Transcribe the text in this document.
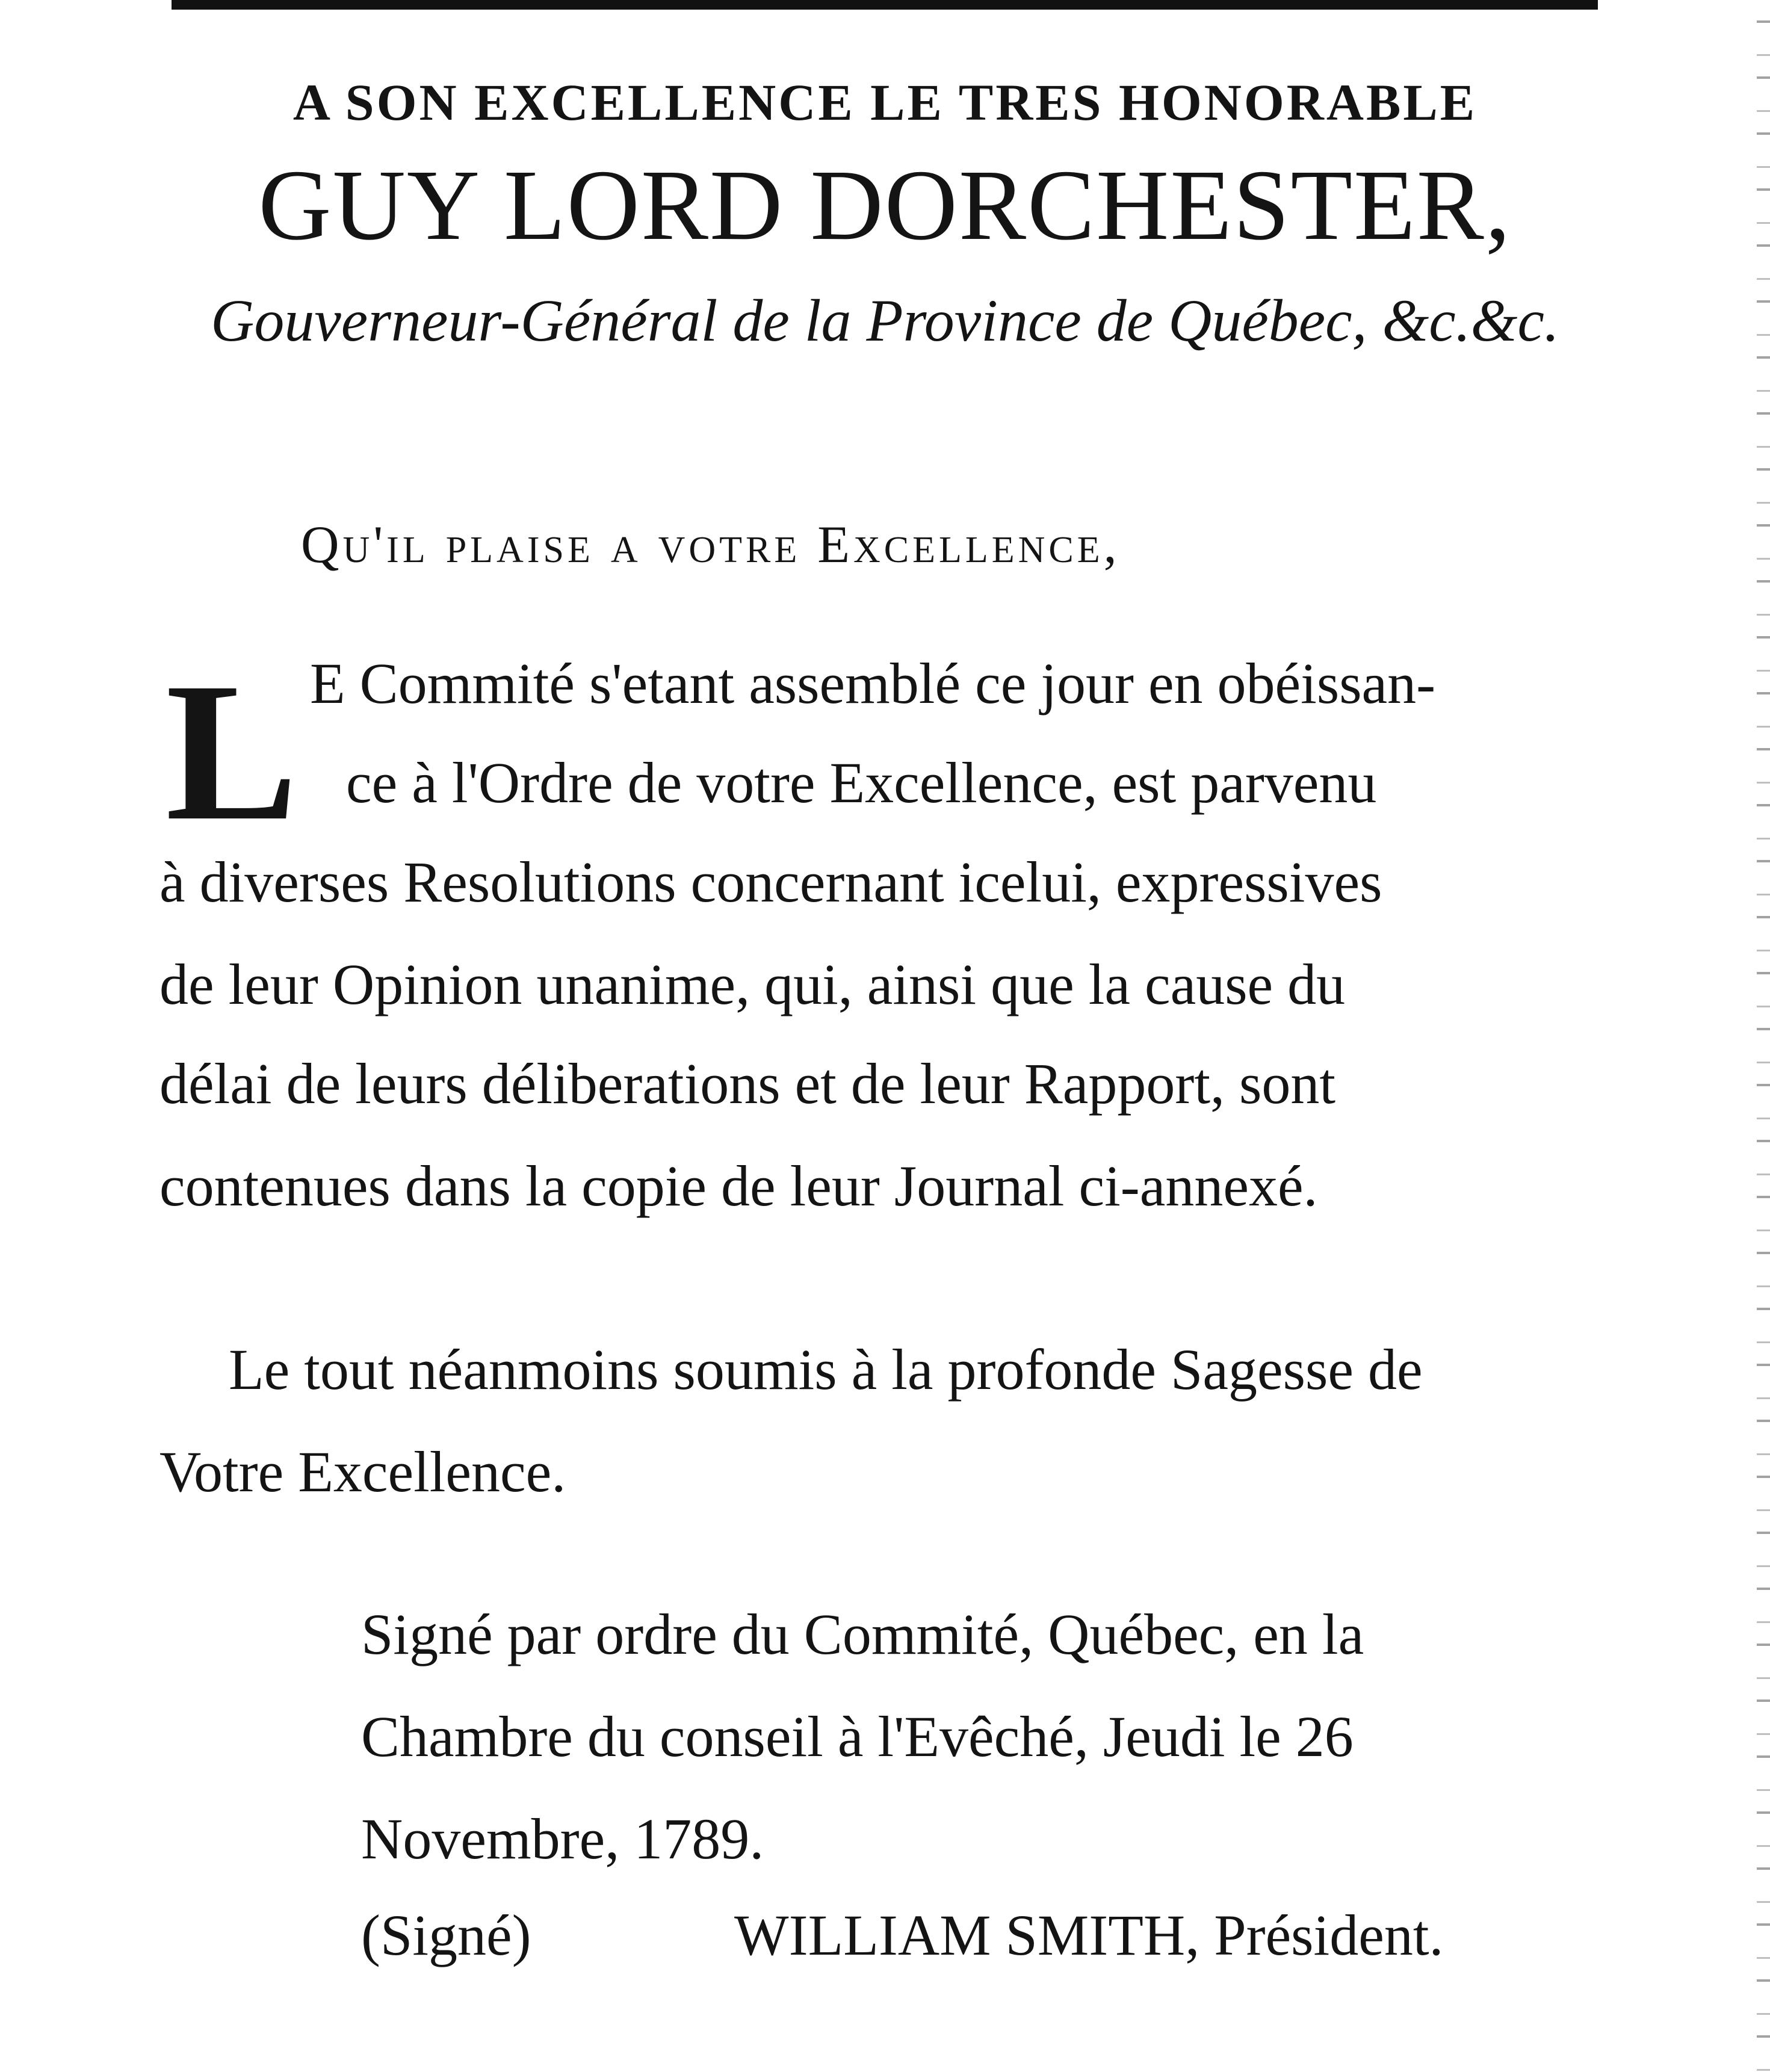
A SON EXCELLENCE LE TRES HONORABLE

GUY LORD DORCHESTER,

Gouverneur-Général de la Province de Québec, &c.&c.

Qu'il plaise a votre Excellence,

L E Commité s'etant assemblé ce jour en obéissan-

ce à l'Ordre de votre Excellence, est parvenu

à diverses Resolutions concernant icelui, expressives

de leur Opinion unanime, qui, ainsi que la cause du

délai de leurs déliberations et de leur Rapport, sont

contenues dans la copie de leur Journal ci-annexé.

Le tout néanmoins soumis à la profonde Sagesse de

Votre Excellence.

Signé par ordre du Commité, Québec, en la

Chambre du conseil à l'Evêché, Jeudi le 26

Novembre, 1789.

(Signé)	WILLIAM SMITH, Président.
